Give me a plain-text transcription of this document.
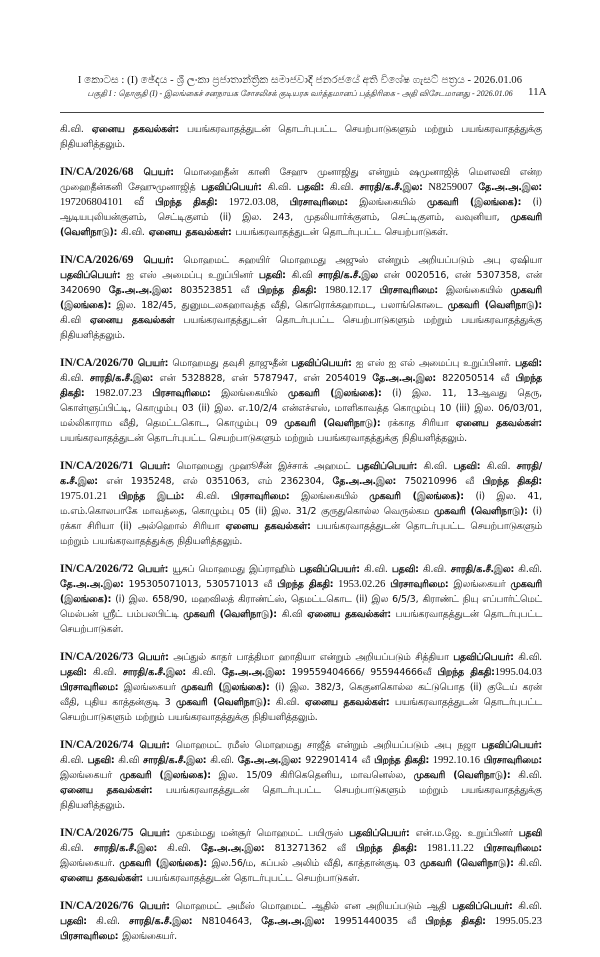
I කොටස : (I) ඡේදය - ශ්‍රී ලංකා ප්‍රජාතාන්ත්‍රික සමාජවාදී ජනරජයේ අති විශේෂ ගැසට් පත්‍රය - 2026.01.06
பகுதி I : தொகுதி (I) - இலங்கைச் சனநாயக சோசலிசக் குடியரசு வர்த்தமானப் பத்திரிகை - அதி விசேடமானது - 2026.01.06	11A

கி.வி. ஏனைய தகவல்கள்: பயங்கரவாதத்துடன் தொடர்புபட்ட செயற்பாடுகளும் மற்றும் பயங்கரவாதத்துக்கு நிதியளித்தலும்.

IN/CA/2026/68 பெயர்: மொஹைதீன் கானி சேஹு முனாஜிது என்றும் ஷமுனாஜித் மௌலவி என்ற முஹைதீன்கனி சேஹுமுனாஜித் பதவிப்பெயர்: கி.வி. பதவி: கி.வி. சாரதி/க.சீ.இல: N8259007 தே.அ.அ.இல: 197206804101 வீ பிறந்த திகதி: 1972.03.08, பிரசாவுரிமை: இலங்கையில் முகவரி (இலங்கை): (i) ஆடியபுலியன்குளம், செட்டிகுளம் (ii) இல. 243, முதலியார்க்குளம், செட்டிகுளம், வவுனியா, முகவரி (வெளிநாடு): கி.வி. ஏனைய தகவல்கள்: பயங்கரவாதத்துடன் தொடர்புபட்ட செயற்பாடுகள்.

IN/CA/2026/69 பெயர்: மொஹமட் சுஹயிர் மொஹமது அஜுஸ் என்றும் அறியப்படும் அபு ஏஷியா பதவிப்பெயர்: ஐ எஸ் அமைப்பு உறுப்பினர் பதவி: கி.வி சாரதி/க.சீ.இல என் 0020516, என் 5307358, என் 3420690 தே.அ.அ.இல: 803523851 வீ பிறந்த திகதி: 1980.12.17 பிரசாவுரிமை: இலங்கையில் முகவரி (இலங்கை): இல. 182/45, துனுமடலகஹாவத்த வீதி, கொரொக்கஹாமட, பலாங்கொடை முகவரி (வெளிநாடு): கி.வி ஏனைய தகவல்கள் பயங்கரவாதத்துடன் தொடர்புபட்ட செயற்பாடுகளும் மற்றும் பயங்கரவாதத்துக்கு நிதியளித்தலும்.

IN/CA/2026/70 பெயர்: மொஹமது தவுசி தாஜுதீன் பதவிப்பெயர்: ஐ எஸ் ஐ எல் அமைப்பு உறுப்பினர். பதவி: கி.வி. சாரதி/க.சீ.இல: என் 5328828, என் 5787947, என் 2054019 தே.அ.அ.இல: 822050514 வீ பிறந்த திகதி: 1982.07.23 பிரசாவுரிமை: இலங்கையில் முகவரி (இலங்கை): (i) இல. 11, 13ஆவது தெரு, கொள்ளுப்பிட்டி, கொழும்பு 03 (ii) இல. எ.10/2/4 என்எச்எஸ், மாளிகாவத்த கொழும்பு 10 (iii) இல. 06/03/01, மல்லிகாராம வீதி, தெமட்டகொட, கொழும்பு 09 முகவரி (வெளிநாடு): ரக்காத சிரியா ஏனைய தகவல்கள்: பயங்கரவாதத்துடன் தொடர்புபட்ட செயற்பாடுகளும் மற்றும் பயங்கரவாதத்துக்கு நிதியளித்தலும்.

IN/CA/2026/71 பெயர்: மொஹமது முஹூசீன் இச்சாக் அஹமட் பதவிப்பெயர்: கி.வி. பதவி: கி.வி. சாரதி/க.சீ.இல: என் 1935248, எல் 0351063, எம் 2362304, தே.அ.அ.இல: 750210996 வீ பிறந்த திகதி: 1975.01.21 பிறந்த இடம்: கி.வி. பிரசாவுரிமை: இலங்கையில் முகவரி (இலங்கை): (i) இல. 41, ம.எம்.கொலபாகே மாவத்தை, கொழும்பு 05 (ii) இல. 31/2 குருதுகொல்ல வெருல்கம முகவரி (வெளிநாடு): (i) ரக்கா சிரியா (ii) அல்ஹொல் சிரியா ஏனைய தகவல்கள்: பயங்கரவாதத்துடன் தொடர்புபட்ட செயற்பாடுகளும் மற்றும் பயங்கரவாதத்துக்கு நிதியளித்தலும்.

IN/CA/2026/72 பெயர்: யூசுப் மொஹமது இப்ராஹிம் பதவிப்பெயர்: கி.வி. பதவி: கி.வி. சாரதி/க.சீ.இல: கி.வி. தே.அ.அ.இல: 195305071013, 530571013 வீ பிறந்த திகதி: 1953.02.26 பிரசாவுரிமை: இலங்கையர் முகவரி (இலங்கை): (i) இல. 658/90, மஹவிலத் கிராண்ட்ஸ், தெமட்டகொட (ii) இல 6/5/3, கிராண்ட் நியு எப்பார்ட்மெட் மெல்பன் ஸ்ரீட் பம்பலபிட்டி முகவரி (வெளிநாடு): கி.வி ஏனைய தகவல்கள்: பயங்கரவாதத்துடன் தொடர்புபட்ட செயற்பாடுகள்.

IN/CA/2026/73 பெயர்: அப்துல் காதர் பாத்திமா ஹாதியா என்றும் அறியப்படும் சித்தியா பதவிப்பெயர்: கி.வி. பதவி: கி.வி. சாரதி/க.சீ.இல: கி.வி. தே.அ.அ.இல: 199559404666/ 955944666வீ பிறந்த திகதி:1995.04.03 பிரசாவுரிமை: இலங்கையர் முகவரி (இலங்கை): (i) இல. 382/3, கெகுனகொல்ல கட்டுபொத (ii) குடேய் கரன் வீதி, புதிய காத்தன்குடி 3 முகவரி (வெளிநாடு): கி.வி. ஏனைய தகவல்கள்: பயங்கரவாதத்துடன் தொடர்புபட்ட செயற்பாடுகளும் மற்றும் பயங்கரவாதத்துக்கு நிதியளித்தலும்.

IN/CA/2026/74 பெயர்: மொஹமட் ரமீஸ் மொஹமது சாஜீத் என்றும் அறியப்படும் அபு நஜா பதவிப்பெயர்: கி.வி. பதவி: கி.வி சாரதி/க.சீ.இல: கி.வி. தே.அ.அ.இல: 922901414 வீ பிறந்த திகதி: 1992.10.16 பிரசாவுரிமை: இலங்கையர் முகவரி (இலங்கை): இல. 15/09 கிரிகெதெனிய, மாவனெல்ல, முகவரி (வெளிநாடு): கி.வி. ஏனைய தகவல்கள்: பயங்கரவாதத்துடன் தொடர்புபட்ட செயற்பாடுகளும் மற்றும் பயங்கரவாதத்துக்கு நிதியளித்தலும்.

IN/CA/2026/75 பெயர்: முகம்மது மன்சூர் மொஹமட் பயிருஸ் பதவிப்பெயர்: என்.ம.ஜே. உறுப்பினர் பதவி கி.வி. சாரதி/க.சீ.இல: கி.வி. தே.அ.அ.இல: 813271362 வீ பிறந்த திகதி: 1981.11.22 பிரசாவுரிமை: இலங்கையர். முகவரி (இலங்கை): இல.56/ம, கப்பல் அலிம் வீதி, காத்தான்குடி 03 முகவரி (வெளிநாடு): கி.வி. ஏனைய தகவல்கள்: பயங்கரவாதத்துடன் தொடர்புபட்ட செயற்பாடுகள்.

IN/CA/2026/76 பெயர்: மொஹமட் அமீஸ் மொஹமட் ஆதில் என அறியப்படும் ஆதி பதவிப்பெயர்: கி.வி. பதவி: கி.வி. சாரதி/க.சீ.இல: N8104643, தே.அ.அ.இல: 19951440035 வீ பிறந்த திகதி: 1995.05.23 பிரசாவுரிமை: இலங்கையர்.
